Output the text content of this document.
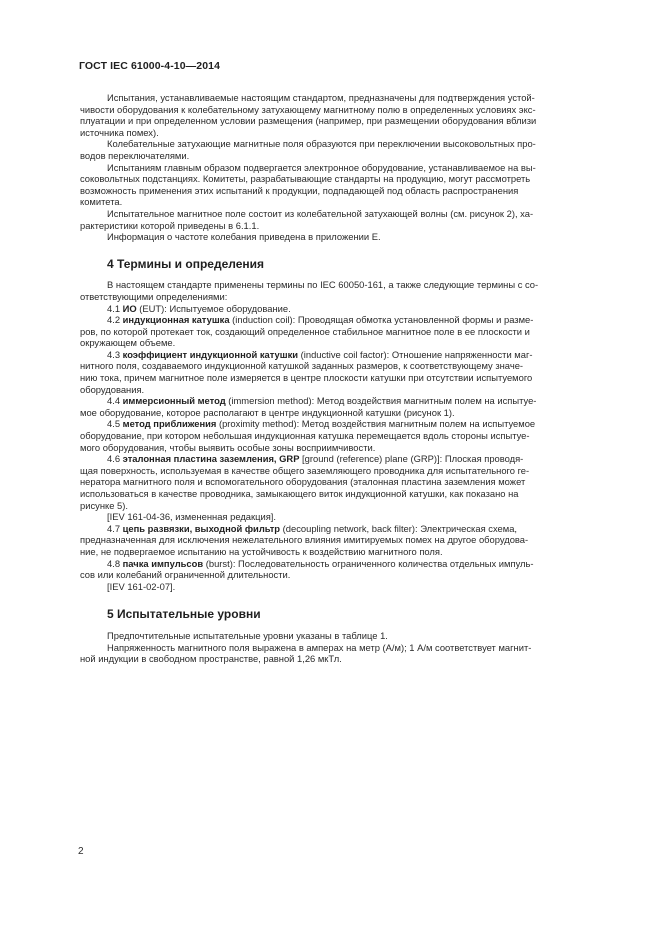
ГОСТ IEC 61000-4-10—2014
Испытания, устанавливаемые настоящим стандартом, предназначены для подтверждения устой-
чивости оборудования к колебательному затухающему магнитному полю в определенных условиях экс-
плуатации и при определенном условии размещения (например, при размещении оборудования вблизи
источника помех).
Колебательные затухающие магнитные поля образуются при переключении высоковольтных про-
водов переключателями.
Испытаниям главным образом подвергается электронное оборудование, устанавливаемое на вы-
соковольтных подстанциях. Комитеты, разрабатывающие стандарты на продукцию, могут рассмотреть
возможность применения этих испытаний к продукции, подпадающей под область распространения
комитета.
Испытательное магнитное поле состоит из колебательной затухающей волны (см. рисунок 2), ха-
рактеристики которой приведены в 6.1.1.
Информация о частоте колебания приведена в приложении Е.
4 Термины и определения
В настоящем стандарте применены термины по IEC 60050-161, а также следующие термины с со-
ответствующими определениями:
4.1 ИО (EUT): Испытуемое оборудование.
4.2 индукционная катушка (induction coil): Проводящая обмотка установленной формы и разме-
ров, по которой протекает ток, создающий определенное стабильное магнитное поле в ее плоскости и
окружающем объеме.
4.3 коэффициент индукционной катушки (inductive coil factor): Отношение напряженности маг-
нитного поля, создаваемого индукционной катушкой заданных размеров, к соответствующему значе-
нию тока, причем магнитное поле измеряется в центре плоскости катушки при отсутствии испытуемого
оборудования.
4.4 иммерсионный метод (immersion method): Метод воздействия магнитным полем на испытуе-
мое оборудование, которое располагают в центре индукционной катушки (рисунок 1).
4.5 метод приближения (proximity method): Метод воздействия магнитным полем на испытуемое
оборудование, при котором небольшая индукционная катушка перемещается вдоль стороны испытуе-
мого оборудования, чтобы выявить особые зоны восприимчивости.
4.6 эталонная пластина заземления, GRP [ground (reference) plane (GRP)]: Плоская проводя-
щая поверхность, используемая в качестве общего заземляющего проводника для испытательного ге-
нератора магнитного поля и вспомогательного оборудования (эталонная пластина заземления может
использоваться в качестве проводника, замыкающего виток индукционной катушки, как показано на
рисунке 5).
[IEV 161-04-36, измененная редакция].
4.7 цепь развязки, выходной фильтр (decoupling network, back filter): Электрическая схема,
предназначенная для исключения нежелательного влияния имитируемых помех на другое оборудова-
ние, не подвергаемое испытанию на устойчивость к воздействию магнитного поля.
4.8 пачка импульсов (burst): Последовательность ограниченного количества отдельных импуль-
сов или колебаний ограниченной длительности.
[IEV 161-02-07].
5 Испытательные уровни
Предпочтительные испытательные уровни указаны в таблице 1.
Напряженность магнитного поля выражена в амперах на метр (А/м); 1 А/м соответствует магнит-
ной индукции в свободном пространстве, равной 1,26 мкТл.
2
